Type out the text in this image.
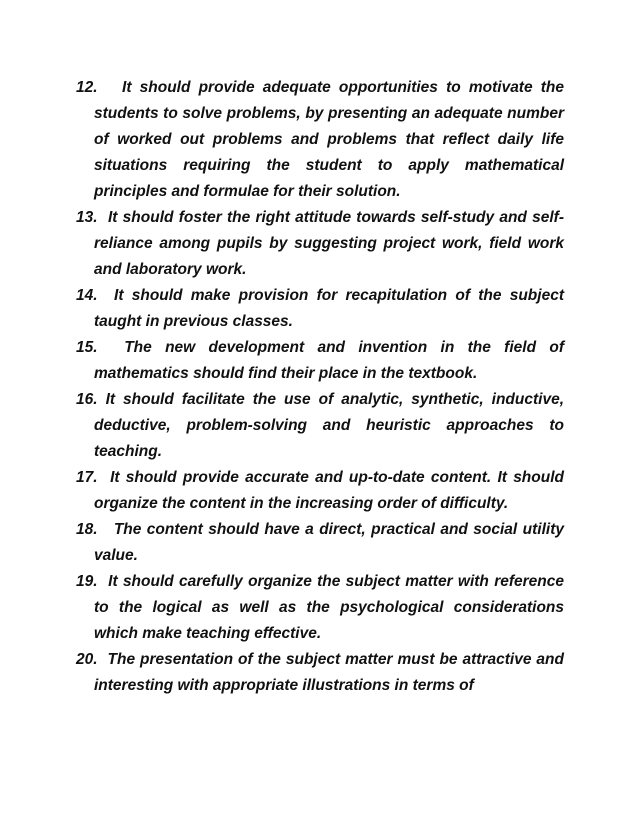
12. It should provide adequate opportunities to motivate the students to solve problems, by presenting an adequate number of worked out problems and problems that reflect daily life situations requiring the student to apply mathematical principles and formulae for their solution.
13. It should foster the right attitude towards self-study and self-reliance among pupils by suggesting project work, field work and laboratory work.
14. It should make provision for recapitulation of the subject taught in previous classes.
15. The new development and invention in the field of mathematics should find their place in the textbook.
16. It should facilitate the use of analytic, synthetic, inductive, deductive, problem-solving and heuristic approaches to teaching.
17. It should provide accurate and up-to-date content. It should organize the content in the increasing order of difficulty.
18. The content should have a direct, practical and social utility value.
19. It should carefully organize the subject matter with reference to the logical as well as the psychological considerations which make teaching effective.
20. The presentation of the subject matter must be attractive and interesting with appropriate illustrations in terms of
